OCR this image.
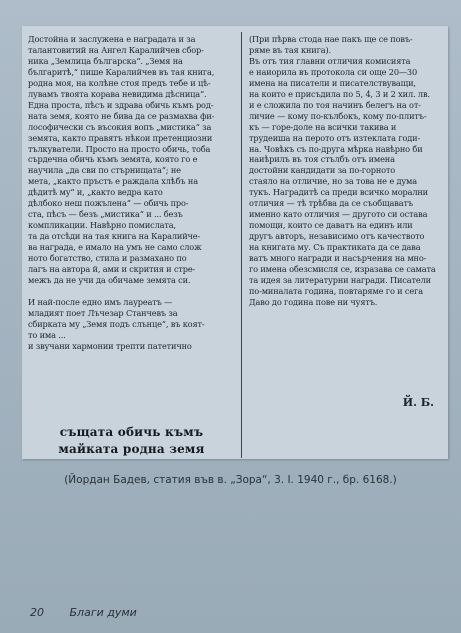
Достойна и заслужена е наградата и за

талантовитий на Ангел Каралийчев сбор-

ника „Землица българска“. „Земя на

българитѣ,“ пише Каралийчев въ тая книга,

родна моя, на колѣне стоя предъ тебе и цѣ-

лувамъ твоята корава невидима дѣсница“.

Една проста, пѣсъ и здрава обичь къмъ род-

ната земя, която не бива да се размахва фи-

лософически съ въсокия вопъ „мистика“ за

земята, както правятъ нѣкои претенциозни

тълкуватели. Просто на просто обичь, тоба

сърдечна обичь къмъ земята, която го е

научила „да сви по стърнищата“; не

мета, „както пръстъ е раждала хлѣбъ на

дѣдитѣ му“ и, „както ведра като

дѣлбоко неш пожълена“ — обичь про-

ста, пѣсъ — безъ „мистика“ и ... безъ

компликации. Навѣрно помислата,

та да отсѣди на тая книга на Каралийче-

ва награда, е имало на умъ не само слож

ното богатство, стила и размахано по

лагъ на автора й, ами и скрития и стре-

межъ да не учи да обичаме земята си.

И най-после едно имъ лауреатъ —

младият поет Лъчезар Станчевъ за

сбирката му „Земя подъ слънце“, въ коят-

то има ...

и звучани хармонии трепти патетично

(При пѣрва стода нае пакъ ще се повъ-

ряме въ тая книга).

Въ отъ тия главни отличия комисията

е наиорила въ протокола си още 20—30

имена на писатели и писателствуващи,

на които е присъдила по 5, 4, 3 и 2 хил. лв.

и е сложила по тоя начинъ белегъ на от-

личие — кому по-кълбокъ, кому по-плитъ-

къ — горе-доле на всички такива и

трудеиша на перото отъ изтеклата годи-

на. Човѣкъ съ по-друга мѣрка навѣрно би

наиѣрилъ въ тоя стълбъ отъ имена

достойни кандидати за по-горното

стаяло на отличие, но за това не е дума

тукъ. Наградитѣ са преди всичко морални

отличия — тѣ трѣбва да се съобщаватъ

именно като отличия — другото си остава

помощи, които се даватъ на единъ или

другъ авторъ, независимо отъ качеството

на книгата му. Съ практиката да се дава

ватъ много награди и насърчения на мно-

го имена обезсмисля се, изразава се самата

та идея за литературни награди. Писатели

по-миналата година, повтаряме го и сега

Даво до година пове ни чуятъ.

същата обичь къмъ майката родна земя
Й. Б.
(Йордан Бадев, статия във в. „Зора“, 3. I. 1940 г., бр. 6168.)
20 Благи думи
